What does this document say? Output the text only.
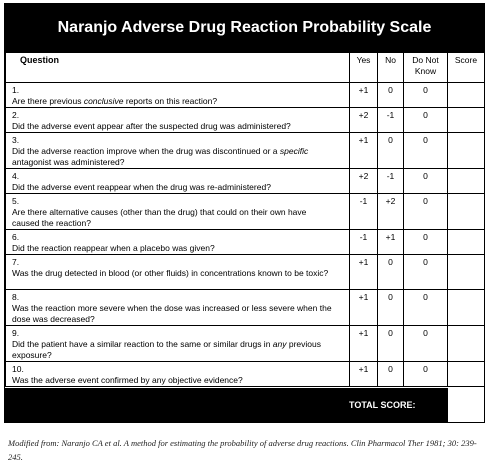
Naranjo Adverse Drug Reaction Probability Scale
Question	Yes	No	Do Not Know	Score
1.Are there previous conclusive reports on this reaction?	+1	0	0	
2.Did the adverse event appear after the suspected drug was administered?	+2	-1	0	
3.Did the adverse reaction improve when the drug was discontinued or a specific antagonist was administered?	+1	0	0	
4.Did the adverse event reappear when the drug was re-administered?	+2	-1	0	
5.Are there alternative causes (other than the drug) that could on their own have caused the reaction?	-1	+2	0	
6.Did the reaction reappear when a placebo was given?	-1	+1	0	
7.Was the drug detected in blood (or other fluids) in concentrations known to be toxic?	+1	0	0	
8.Was the reaction more severe when the dose was increased or less severe when the dose was decreased?	+1	0	0	
9.Did the patient have a similar reaction to the same or similar drugs in any previous exposure?	+1	0	0	
10.Was the adverse event confirmed by any objective evidence?	+1	0	0	
TOTAL SCORE:
Modified from: Naranjo CA et al. A method for estimating the probability of adverse drug reactions. Clin Pharmacol Ther 1981; 30: 239-245.
